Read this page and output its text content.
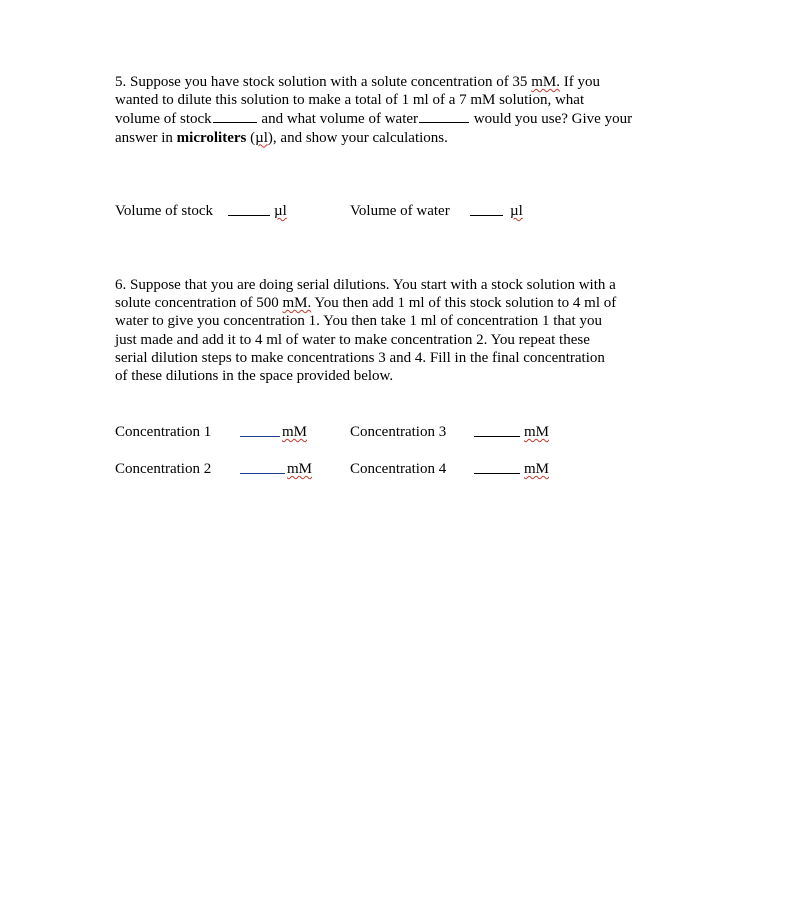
5. Suppose you have stock solution with a solute concentration of 35 mM. If you
wanted to dilute this solution to make a total of 1 ml of a 7 mM solution, what
volume of stock	and what volume of water	would you use? Give your
answer in microliters (µl), and show your calculations.

Volume of stock	µl	Volume of water	µl

6. Suppose that you are doing serial dilutions. You start with a stock solution with a
solute concentration of 500 mM. You then add 1 ml of this stock solution to 4 ml of
water to give you concentration 1. You then take 1 ml of concentration 1 that you
just made and add it to 4 ml of water to make concentration 2. You repeat these
serial dilution steps to make concentrations 3 and 4. Fill in the final concentration
of these dilutions in the space provided below.

Concentration 1	mM	Concentration 3	mM
Concentration 2	mM	Concentration 4	mM
